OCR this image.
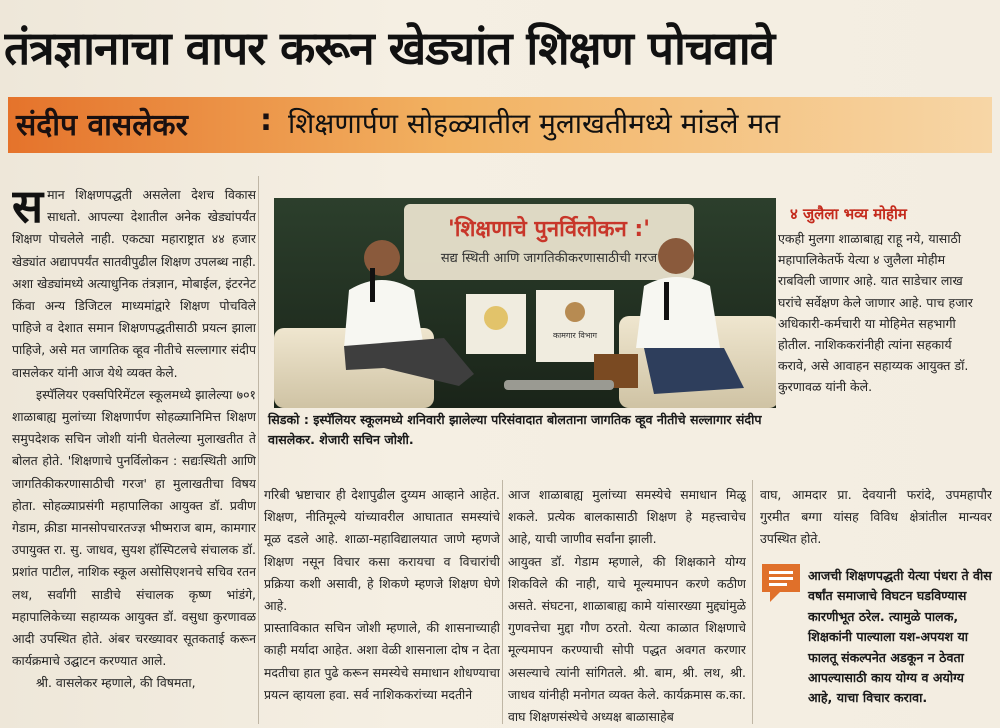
तंत्रज्ञानाचा वापर करून खेड्यांत शिक्षण पोचवावे
संदीप वासलेकर : शिक्षणार्पण सोहळ्यातील मुलाखतीमध्ये मांडले मत

समान शिक्षणपद्धती असलेला देशच विकास साधतो. आपल्या देशातील अनेक खेड्यांपर्यंत शिक्षण पोचलेले नाही. एकट्या महाराष्ट्रात ४४ हजार खेड्यांत अद्यापपर्यंत सातवीपुढील शिक्षण उपलब्ध नाही. अशा खेड्यांमध्ये अत्याधुनिक तंत्रज्ञान, मोबाईल, इंटरनेट किंवा अन्य डिजिटल माध्यमांद्वारे शिक्षण पोचविले पाहिजे व देशात समान शिक्षणपद्धतीसाठी प्रयत्न झाला पाहिजे, असे मत जागतिक व्हूव नीतीचे सल्लागार संदीप वासलेकर यांनी आज येथे व्यक्त केले.

इस्पॅलियर एक्सपिरिमेंटल स्कूलमध्ये झालेल्या ७०१ शाळाबाह्य मुलांच्या शिक्षणार्पण सोहळ्यानिमित्त शिक्षण समुपदेशक सचिन जोशी यांनी घेतलेल्या मुलाखतीत ते बोलत होते. 'शिक्षणाचे पुनर्विलोकन : सद्यःस्थिती आणि जागतिकीकरणासाठीची गरज' हा मुलाखतीचा विषय होता. सोहळ्याप्रसंगी महापालिका आयुक्त डॉ. प्रवीण गेडाम, क्रीडा मानसोपचारतज्ज्ञ भीष्मराज बाम, कामगार उपायुक्त रा. सु. जाधव, सुयश हॉस्पिटलचे संचालक डॉ. प्रशांत पाटील, नाशिक स्कूल असोसिएशनचे सचिव रतन लथ, सर्वांगी साडीचे संचालक कृष्ण भांडंगे, महापालिकेच्या सहाय्यक आयुक्त डॉ. वसुधा कुरणावळ आदी उपस्थित होते. अंबर चरख्यावर सूतकताई करून कार्यक्रमाचे उद्घाटन करण्यात आले.

श्री. वासलेकर म्हणाले, की विषमता,

'शिक्षणाचे पुनर्विलोकन :'
सद्य स्थिती आणि जागतिकीकरणासाठीची गरज
कामगार विभाग
सिडको : इस्पॅलियर स्कूलमध्ये शनिवारी झालेल्या परिसंवादात बोलताना जागतिक व्हूव नीतीचे सल्लागार संदीप वासलेकर. शेजारी सचिन जोशी.
४ जुलैला भव्य मोहीम
एकही मुलगा शाळाबाह्य राहू नये, यासाठी महापालिकेतर्फे येत्या ४ जुलैला मोहीम राबविली जाणार आहे. यात साडेचार लाख घरांचे सर्वेक्षण केले जाणार आहे. पाच हजार अधिकारी-कर्मचारी या मोहिमेत सहभागी होतील. नाशिककरांनीही त्यांना सहकार्य करावे, असे आवाहन सहाय्यक आयुक्त डॉ. कुरणावळ यांनी केले.

गरिबी भ्रष्टाचार ही देशापुढील दुय्यम आव्हाने आहेत. शिक्षण, नीतिमूल्ये यांच्यावरील आघातात समस्यांचे मूळ दडले आहे. शाळा-महाविद्यालयात जाणे म्हणजे शिक्षण नसून विचार कसा करायचा व विचारांची प्रक्रिया कशी असावी, हे शिकणे म्हणजे शिक्षण घेणे आहे.
प्रास्ताविकात सचिन जोशी म्हणाले, की शासनाच्याही काही मर्यादा आहेत. अशा वेळी शासनाला दोष न देता मदतीचा हात पुढे करून समस्येचे समाधान शोधण्याचा प्रयत्न व्हायला हवा. सर्व नाशिककरांच्या मदतीने

आज शाळाबाह्य मुलांच्या समस्येचे समाधान मिळू शकले. प्रत्येक बालकासाठी शिक्षण हे महत्त्वाचेच आहे, याची जाणीव सर्वांना झाली.
आयुक्त डॉ. गेडाम म्हणाले, की शिक्षकाने योग्य शिकविले की नाही, याचे मूल्यमापन करणे कठीण असते. संघटना, शाळाबाह्य कामे यांसारख्या मुद्द्यांमुळे गुणवत्तेचा मुद्दा गौण ठरतो. येत्या काळात शिक्षणाचे मूल्यमापन करण्याची सोपी पद्धत अवगत करणार असल्याचे त्यांनी सांगितले. श्री. बाम, श्री. लथ, श्री. जाधव यांनीही मनोगत व्यक्त केले. कार्यक्रमास क.का. वाघ शिक्षणसंस्थेचे अध्यक्ष बाळासाहेब

वाघ, आमदार प्रा. देवयानी फरांदे, उपमहापौर गुरमीत बग्गा यांसह विविध क्षेत्रांतील मान्यवर उपस्थित होते.

आजची शिक्षणपद्धती येत्या पंधरा ते वीस वर्षांत समाजाचे विघटन घडविण्यास कारणीभूत ठरेल. त्यामुळे पालक, शिक्षकांनी पाल्याला यश-अपयश या फालतू संकल्पनेत अडकून न ठेवता आपल्यासाठी काय योग्य व अयोग्य आहे, याचा विचार करावा.
